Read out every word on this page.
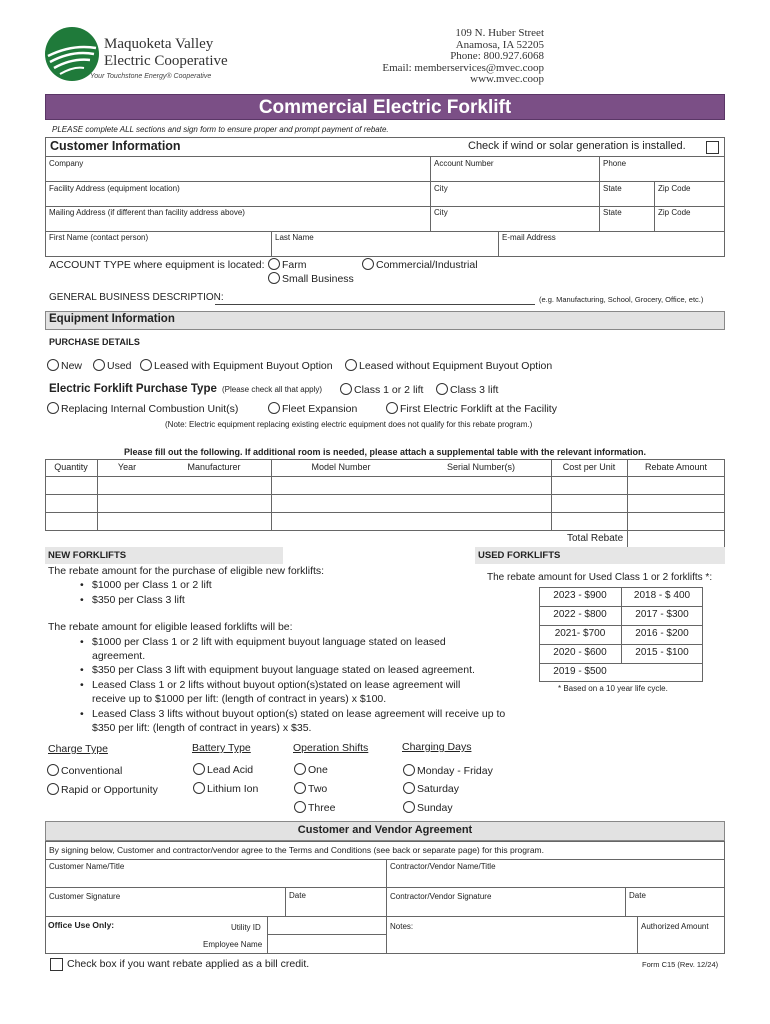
Maquoketa Valley
Electric Cooperative
Your Touchstone Energy® Cooperative
109 N. Huber Street
Anamosa, IA 52205
Phone: 800.927.6068
Email: memberservices@mvec.coop
www.mvec.coop
Commercial Electric Forklift
PLEASE complete ALL sections and sign form to ensure proper and prompt payment of rebate.
Customer Information	Check if wind or solar generation is installed.
Company	Account Number	Phone
Facility Address (equipment location)	City	State	Zip Code
Mailing Address (if different than facility address above)	City	State	Zip Code
First Name (contact person)	Last Name	E-mail Address
ACCOUNT TYPE where equipment is located:	Farm
Small Business
Commercial/Industrial
GENERAL BUSINESS DESCRIPTION:	(e.g. Manufacturing, School, Grocery, Office, etc.)
Equipment Information
PURCHASE DETAILS
New	Used	Leased with Equipment Buyout Option	Leased without Equipment Buyout Option
Electric Forklift Purchase Type (Please check all that apply)	Class 1 or 2 lift	Class 3 lift
Replacing Internal Combustion Unit(s)	Fleet Expansion	First Electric Forklift at the Facility
(Note: Electric equipment replacing existing electric equipment does not qualify for this rebate program.)
Please fill out the following. If additional room is needed, please attach a supplemental table with the relevant information.
Quantity	Year	Manufacturer	Model Number	Serial Number(s)	Cost per Unit	Rebate Amount
Total Rebate
NEW FORKLIFTS
The rebate amount for the purchase of eligible new forklifts:
• $1000 per Class 1 or 2 lift
• $350 per Class 3 lift
The rebate amount for eligible leased forklifts will be:
• $1000 per Class 1 or 2 lift with equipment buyout language stated on leased agreement.
• $350 per Class 3 lift with equipment buyout language stated on leased agreement.
• Leased Class 1 or 2 lifts without buyout option(s)stated on lease agreement will receive up to $1000 per lift: (length of contract in years) x $100.
• Leased Class 3 lifts without buyout option(s) stated on lease agreement will receive up to $350 per lift: (length of contract in years) x $35.
USED FORKLIFTS
The rebate amount for Used Class 1 or 2 forklifts *:
2023 - $900	2018 - $ 400
2022 - $800	2017 - $300
2021- $700	2016 - $200
2020 - $600	2015 - $100
2019 - $500
* Based on a 10 year life cycle.
Charge Type
Conventional
Rapid or Opportunity
Battery Type
Lead Acid
Lithium Ion
Operation Shifts
One
Two
Three
Charging Days
Monday - Friday
Saturday
Sunday
Customer and Vendor Agreement
By signing below, Customer and contractor/vendor agree to the Terms and Conditions (see back or separate page) for this program.
Customer Name/Title	Contractor/Vendor Name/Title
Customer Signature	Date	Contractor/Vendor Signature	Date
Office Use Only:	Utility ID
Employee Name
Notes:	Authorized Amount
Check box if you want rebate applied as a bill credit.	Form C15 (Rev. 12/24)
